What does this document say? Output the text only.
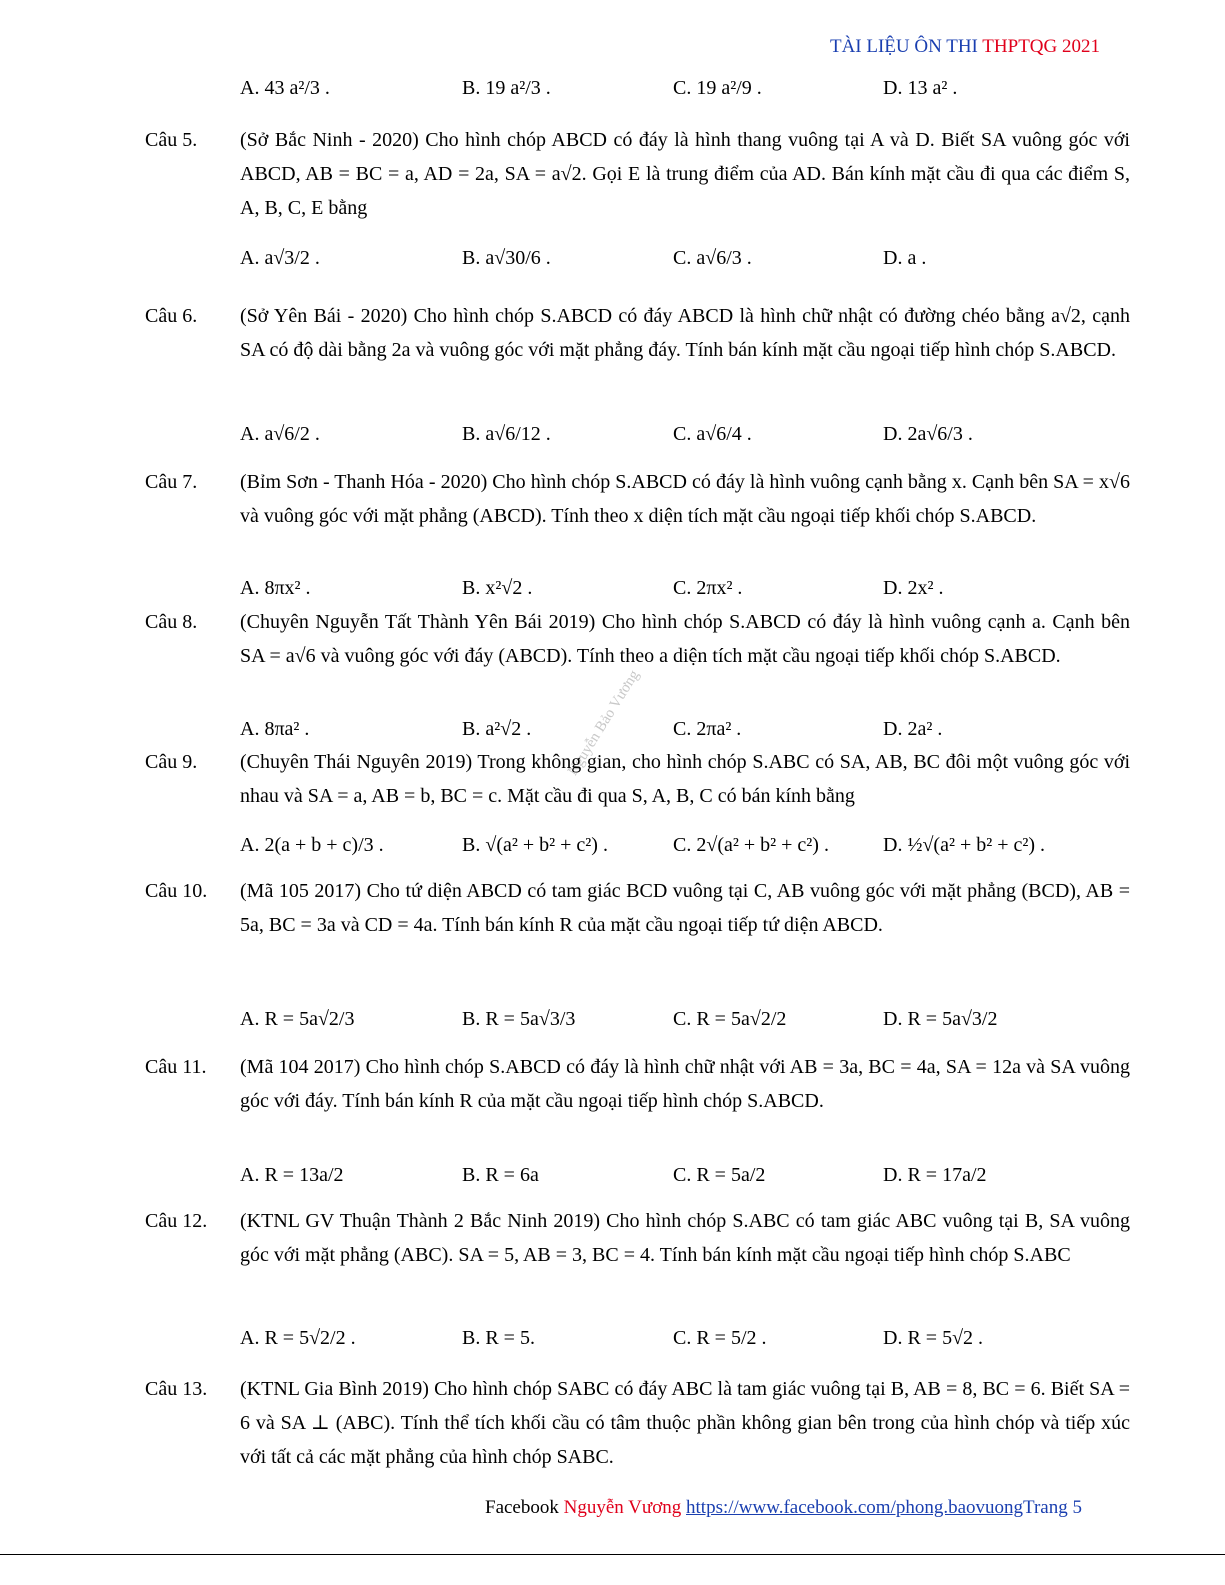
TÀI LIỆU ÔN THI THPTQG 2021
Nguyễn Bảo Vương
A. 43 a²/3 .	B. 19 a²/3 .	C. 19 a²/9 .	D. 13 a² .
Câu 5.	(Sở Bắc Ninh - 2020) Cho hình chóp ABCD có đáy là hình thang vuông tại A và D. Biết SA vuông góc với ABCD, AB = BC = a, AD = 2a, SA = a√2. Gọi E là trung điểm của AD. Bán kính mặt cầu đi qua các điểm S, A, B, C, E bằng
A. a√3/2 .	B. a√30/6 .	C. a√6/3 .	D. a .
Câu 6.	(Sở Yên Bái - 2020) Cho hình chóp S.ABCD có đáy ABCD là hình chữ nhật có đường chéo bằng a√2, cạnh SA có độ dài bằng 2a và vuông góc với mặt phẳng đáy. Tính bán kính mặt cầu ngoại tiếp hình chóp S.ABCD.
A. a√6/2 .	B. a√6/12 .	C. a√6/4 .	D. 2a√6/3 .
Câu 7.	(Bỉm Sơn - Thanh Hóa - 2020) Cho hình chóp S.ABCD có đáy là hình vuông cạnh bằng x. Cạnh bên SA = x√6 và vuông góc với mặt phẳng (ABCD). Tính theo x diện tích mặt cầu ngoại tiếp khối chóp S.ABCD.
A. 8πx² .	B. x²√2 .	C. 2πx² .	D. 2x² .
Câu 8.	(Chuyên Nguyễn Tất Thành Yên Bái 2019) Cho hình chóp S.ABCD có đáy là hình vuông cạnh a. Cạnh bên SA = a√6 và vuông góc với đáy (ABCD). Tính theo a diện tích mặt cầu ngoại tiếp khối chóp S.ABCD.
A. 8πa² .	B. a²√2 .	C. 2πa² .	D. 2a² .
Câu 9.	(Chuyên Thái Nguyên 2019) Trong không gian, cho hình chóp S.ABC có SA, AB, BC đôi một vuông góc với nhau và SA = a, AB = b, BC = c. Mặt cầu đi qua S, A, B, C có bán kính bằng
A. 2(a + b + c)/3 .	B. √(a² + b² + c²) .	C. 2√(a² + b² + c²) .	D. ½√(a² + b² + c²) .
Câu 10.	(Mã 105 2017) Cho tứ diện ABCD có tam giác BCD vuông tại C, AB vuông góc với mặt phẳng (BCD), AB = 5a, BC = 3a và CD = 4a. Tính bán kính R của mặt cầu ngoại tiếp tứ diện ABCD.
A. R = 5a√2/3	B. R = 5a√3/3	C. R = 5a√2/2	D. R = 5a√3/2
Câu 11.	(Mã 104 2017) Cho hình chóp S.ABCD có đáy là hình chữ nhật với AB = 3a, BC = 4a, SA = 12a và SA vuông góc với đáy. Tính bán kính R của mặt cầu ngoại tiếp hình chóp S.ABCD.
A. R = 13a/2	B. R = 6a	C. R = 5a/2	D. R = 17a/2
Câu 12.	(KTNL GV Thuận Thành 2 Bắc Ninh 2019) Cho hình chóp S.ABC có tam giác ABC vuông tại B, SA vuông góc với mặt phẳng (ABC). SA = 5, AB = 3, BC = 4. Tính bán kính mặt cầu ngoại tiếp hình chóp S.ABC
A. R = 5√2/2 .	B. R = 5.	C. R = 5/2 .	D. R = 5√2 .
Câu 13.	(KTNL Gia Bình 2019) Cho hình chóp SABC có đáy ABC là tam giác vuông tại B, AB = 8, BC = 6. Biết SA = 6 và SA ⊥ (ABC). Tính thể tích khối cầu có tâm thuộc phần không gian bên trong của hình chóp và tiếp xúc với tất cả các mặt phẳng của hình chóp SABC.
Facebook Nguyễn Vương https://www.facebook.com/phong.baovuongTrang 5
